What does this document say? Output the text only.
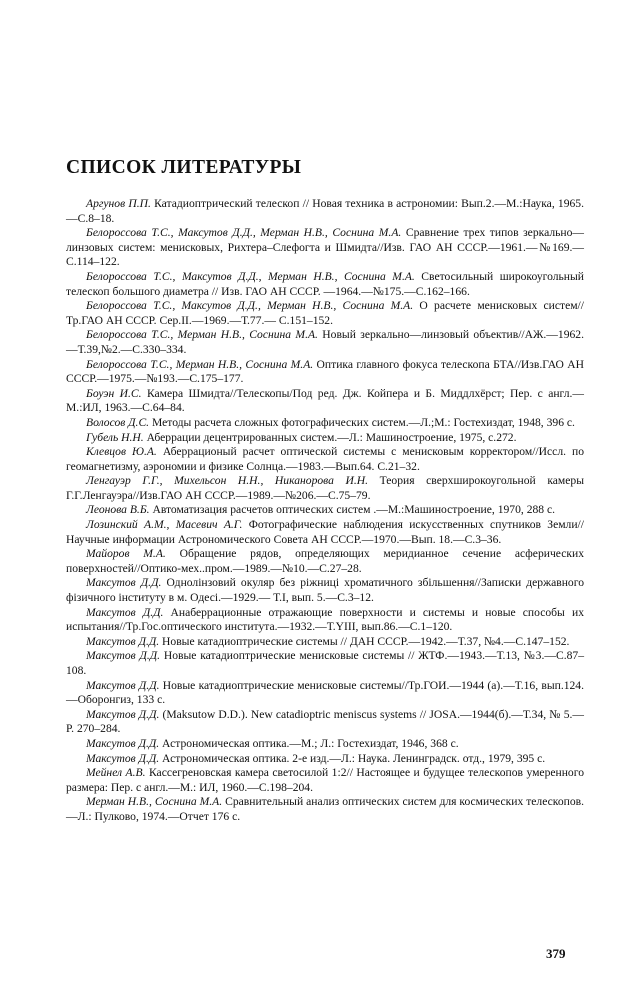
СПИСОК ЛИТЕРАТУРЫ

Аргунов П.П. Катадиоптрический телескоп // Новая техника в астрономии: Вып.2.—М.:Наука, 1965.—С.8–18.

Белороссова Т.С., Максутов Д.Д., Мерман Н.В., Соснина М.А. Сравнение трех типов зеркально—линзовых систем: менисковых, Рихтера–Слефогта и Шмидта//Изв. ГАО АН СССР.—1961.—№169.—С.114–122.

Белороссова Т.С., Максутов Д.Д., Мерман Н.В., Соснина М.А. Светосильный широкоугольный телескоп большого диаметра // Изв. ГАО АН СССР. —1964.—№175.—С.162–166.

Белороссова Т.С., Максутов Д.Д., Мерман Н.В., Соснина М.А. О расчете менисковых систем//Тр.ГАО АН СССР. Сер.II.—1969.—Т.77.— С.151–152.

Белороссова Т.С., Мерман Н.В., Соснина М.А. Новый зеркально—линзовый объектив//АЖ.—1962.—Т.39,№2.—С.330–334.

Белороссова Т.С., Мерман Н.В., Соснина М.А. Оптика главного фокуса телескопа БТА//Изв.ГАО АН СССР.—1975.—№193.—С.175–177.

Боуэн И.С. Камера Шмидта//Телескопы/Под ред. Дж. Койпера и Б. Миддлхёрст; Пер. с англ.—М.:ИЛ, 1963.—С.64–84.

Волосов Д.С. Методы расчета сложных фотографических систем.—Л.;М.: Гостехиздат, 1948, 396 с.

Губель Н.Н. Аберрации децентрированных систем.—Л.: Машиностроение, 1975, с.272.

Клевцов Ю.А. Аберрационый расчет оптической системы с менисковым корректором//Иссл. по геомагнетизму, аэрономии и физике Солнца.—1983.—Вып.64. С.21–32.

Ленгауэр Г.Г., Михельсон Н.Н., Никанорова И.Н. Теория сверхширокоугольной камеры Г.Г.Ленгауэра//Изв.ГАО АН СССР.—1989.—№206.—С.75–79.

Леонова В.Б. Автоматизация расчетов оптических систем .—М.:Машиностроение, 1970, 288 с.

Лозинский А.М., Масевич А.Г. Фотографические наблюдения искусственных спутников Земли//Научные информации Астрономического Совета АН СССР.—1970.—Вып. 18.—С.3–36.

Майоров М.А. Обращение рядов, определяющих меридианное сечение асферических поверхностей//Оптико-мех..пром.—1989.—№10.—С.27–28.

Максутов Д.Д. Однолінзовий окуляр без ріжниці хроматичного збільшення//Записки державного фізичного інституту в м. Одесі.—1929.— Т.І, вып. 5.—С.3–12.

Максутов Д.Д. Анаберрационные отражающие поверхности и системы и новые способы их испытания//Тр.Гос.оптического института.—1932.—Т.YIII, вып.86.—С.1–120.

Максутов Д.Д. Новые катадиоптрические системы // ДАН СССР.—1942.—Т.37, №4.—С.147–152.

Максутов Д.Д. Новые катадиоптрические менисковые системы // ЖТФ.—1943.—Т.13, №3.—С.87–108.

Максутов Д.Д. Новые катадиоптрические менисковые системы//Тр.ГОИ.—1944 (а).—Т.16, вып.124.—Оборонгиз, 133 с.

Максутов Д.Д. (Maksutow D.D.). New catadioptric meniscus systems // JOSA.—1944(б).—Т.34, № 5.—P. 270–284.

Максутов Д.Д. Астрономическая оптика.—М.; Л.: Гостехиздат, 1946, 368 с.

Максутов Д.Д. Астрономическая оптика. 2-е изд.—Л.: Наука. Ленинградск. отд., 1979, 395 с.

Мейнел А.В. Кассегреновская камера светосилой 1:2// Настоящее и будущее телескопов умеренного размера: Пер. с англ.—М.: ИЛ, 1960.—С.198–204.

Мерман Н.В., Соснина М.А. Сравнительный анализ оптических систем для космических телескопов.—Л.: Пулково, 1974.—Отчет 176 с.

379
